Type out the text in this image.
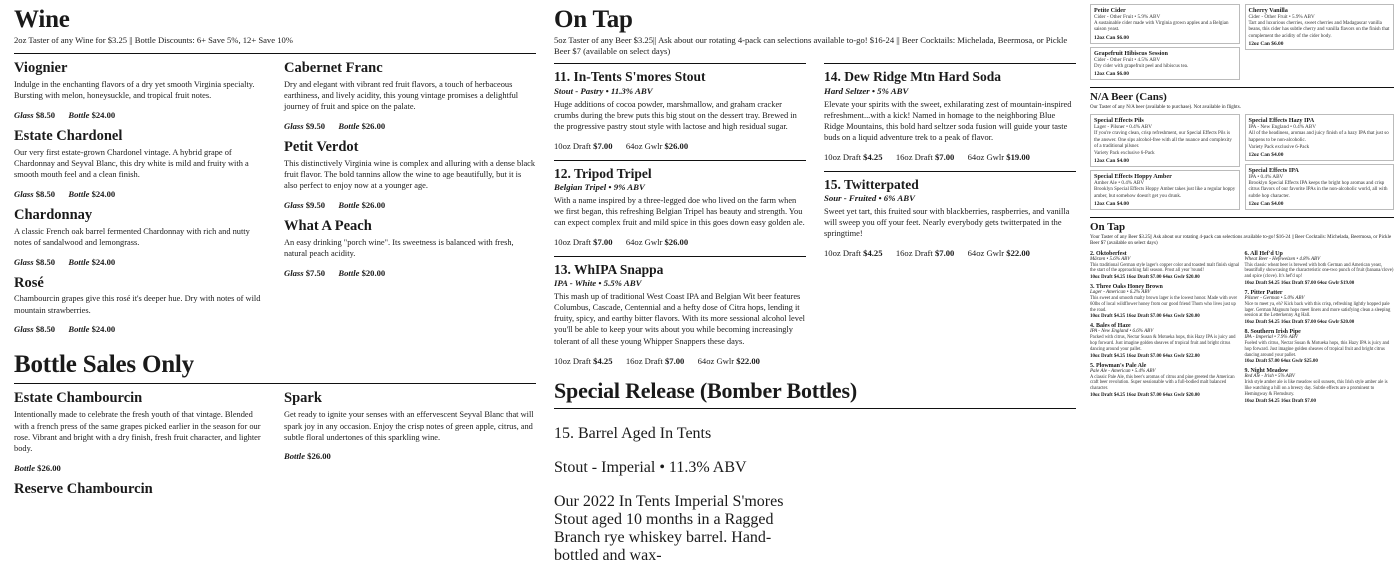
Wine

2oz Taster of any Wine for $3.25 || Bottle Discounts: 6+ Save 5%, 12+ Save 10%

Viognier

Indulge in the enchanting flavors of a dry yet smooth Virginia specialty. Bursting with melon, honeysuckle, and tropical fruit notes.

Glass $8.50 Bottle $24.00

Estate Chardonel

Our very first estate-grown Chardonel vintage. A hybrid grape of Chardonnay and Seyval Blanc, this dry white is mild and fruity with a smooth mouth feel and a clean finish.

Glass $8.50 Bottle $24.00

Chardonnay

A classic French oak barrel fermented Chardonnay with rich and nutty notes of sandalwood and lemongrass.

Glass $8.50 Bottle $24.00

Rosé

Chambourcin grapes give this rosé it's deeper hue. Dry with notes of wild mountain strawberries.

Glass $8.50 Bottle $24.00

Cabernet Franc

Dry and elegant with vibrant red fruit flavors, a touch of herbaceous earthiness, and lively acidity, this young vintage promises a delightful journey of fruit and spice on the palate.

Glass $9.50 Bottle $26.00

Petit Verdot

This distinctively Virginia wine is complex and alluring with a dense black fruit flavor. The bold tannins allow the wine to age beautifully, but it is also perfect to enjoy now at a younger age.

Glass $9.50 Bottle $26.00

What A Peach

An easy drinking "porch wine". Its sweetness is balanced with fresh, natural peach acidity.

Glass $7.50 Bottle $20.00

Bottle Sales Only

Estate Chambourcin

Intentionally made to celebrate the fresh youth of that vintage. Blended with a french press of the same grapes picked earlier in the season for our rose. Vibrant and bright with a dry finish, fresh fruit character, and lighter body.

Bottle $26.00

Reserve Chambourcin

Spark

Get ready to ignite your senses with an effervescent Seyval Blanc that will spark joy in any occasion. Enjoy the crisp notes of green apple, citrus, and subtle floral undertones of this sparkling wine.

Bottle $26.00

On Tap

5oz Taster of any Beer $3.25|| Ask about our rotating 4-pack can selections available to-go! $16-24 || Beer Cocktails: Michelada, Beermosa, or Pickle Beer $7 (available on select days)

11. In-Tents S'mores Stout

Stout - Pastry • 11.3% ABV

Huge additions of cocoa powder, marshmallow, and graham cracker crumbs during the brew puts this big stout on the dessert tray. Brewed in the progressive pastry stout style with lactose and high residual sugar.

10oz Draft $7.00 64oz Gwlr $26.00

12. Tripod Tripel

Belgian Tripel • 9% ABV

With a name inspired by a three-legged doe who lived on the farm when we first began, this refreshing Belgian Tripel has beauty and strength. You can expect complex fruit and mild spice in this goes down easy golden ale.

10oz Draft $7.00 64oz Gwlr $26.00

13. WhIPA Snappa

IPA - White • 5.5% ABV

This mash up of traditional West Coast IPA and Belgian Wit beer features Columbus, Cascade, Centennial and a hefty dose of Citra hops, lending it fruity, spicy, and earthy bitter flavors. With its more sessional alcohol level you'll be able to keep your wits about you while becoming increasingly tolerant of all these young Whipper Snappers these days.

10oz Draft $4.25 16oz Draft $7.00 64oz Gwlr $22.00

14. Dew Ridge Mtn Hard Soda

Hard Seltzer • 5% ABV

Elevate your spirits with the sweet, exhilarating zest of mountain-inspired refreshment...with a kick! Named in homage to the neighboring Blue Ridge Mountains, this bold hard seltzer soda fusion will guide your taste buds on a liquid adventure trek to a peak of flavor.

10oz Draft $4.25 16oz Draft $7.00 64oz Gwlr $19.00

15. Twitterpated

Sour - Fruited • 6% ABV

Sweet yet tart, this fruited sour with blackberries, raspberries, and vanilla will sweep you off your feet. Nearly everybody gets twitterpated in the springtime!

10oz Draft $4.25 16oz Draft $7.00 64oz Gwlr $22.00

Special Release (Bomber Bottles)

15. Barrel Aged In Tents

Stout - Imperial • 11.3% ABV

Our 2022 In Tents Imperial S'mores Stout aged 10 months in a Ragged Branch rye whiskey barrel. Hand-bottled and wax-

Petite Cider

Cider - Other Fruit • 5.9% ABV

A sustainable cider made with Virginia grown apples and a Belgian saison yeast.

12oz Can $6.00

Grapefruit Hibiscus Session

Cider - Other Fruit • 4.5% ABV

Dry cider with grapefruit peel and hibiscus tea.

12oz Can $6.00

Cherry Vanilla

Cider - Other Fruit • 5.9% ABV

Tart and luxurious cherries, sweet cherries and Madagascar vanilla beans, this cider has subtle cherry and vanilla flavors on the finish that complement the acidity of the cider body.

12oz Can $6.00

N/A Beer (Cans)

Our Taster of any N/A beer (available to purchase). Not available in flights.

Special Effects Pils

Lager - Pilsner • 0.4% ABV

If you're craving clean, crisp refreshment, our Special Effects Pils is the answer. One sips alcohol-free with all the nuance and complexity of a traditional pilsner.

Variety Pack exclusive 6-Pack

12oz Can $4.00

Special Effects Hoppy Amber

Amber Ale • 0.4% ABV

Brooklyn Special Effects Hoppy Amber takes just like a regular hoppy amber, but somehow doesn't get you drunk.

12oz Can $4.00

Special Effects Hazy IPA

IPA - New England • 0.4% ABV

All of the headiness, aromas and juicy finish of a hazy IPA that just so happens to be non-alcoholic.

Variety Pack exclusive 6-Pack

12oz Can $4.00

Special Effects IPA

IPA • 0.4% ABV

Brooklyn Special Effects IPA keeps the bright hop aromas and crisp citrus flavors of our favorite IPAs in the non-alcoholic world, all with subtle hop character.

12oz Can $4.00

On Tap

Your Taster of any Beer $3.25|| Ask about our rotating 4-pack can selections available to-go! $16-24 || Beer Cocktails: Michelada, Beermosa, or Pickle Beer $7 (available on select days)

2. Oktoberfest

Märzen • 5.6% ABV

This traditional German style lager's copper color and toasted malt finish signal the start of the approaching fall season. Prost all year 'round!

10oz Draft $4.25 16oz Draft $7.00 64oz Gwlr $20.00

3. Three Oaks Honey Brown

Lager - American • 6.2% ABV

This sweet and smooth malty brown lager is the lowest honor. Made with over 60lbs of local wildflower honey from our good friend Thom who lives just up the road.

10oz Draft $4.25 16oz Draft $7.00 64oz Gwlr $20.00

4. Bales of Haze

IPA - New England • 6.6% ABV

Packed with citrus, Nectar Susan & Motueka hops, this Hazy IPA is juicy and hop forward. Just imagine golden sheaves of tropical fruit and bright citrus dancing around your pallet.

10oz Draft $4.25 16oz Draft $7.00 64oz Gwlr $22.00

5. Plowman's Pale Ale

Pale Ale - American • 5.4% ABV

A classic Pale Ale, this beer's aromas of citrus and pine greeted the American craft beer revolution. Super sessionable with a full-bodied malt balanced character.

10oz Draft $4.25 16oz Draft $7.00 64oz Gwlr $20.00

6. All Hef'd Up

Wheat Beer - Hefeweizen • 4.8% ABV

This classic wheat beer is brewed with both German and American yeast, beautifully showcasing the characteristic one-two punch of fruit (banana/clove) and spice (clove). It's hef'd up!

10oz Draft $4.25 16oz Draft $7.00 64oz Gwlr $19.00

7. Pitter Patter

Pilsner - German • 5.0% ABV

Nice to meet ya, eh? Kick back with this crisp, refreshing lightly hopped pale lager. German Magnum hops meet liners and more satisfying clean a sleeping session at the Letterkenny Ag Hall.

10oz Draft $4.25 16oz Draft $7.00 64oz Gwlr $20.00

8. Southern Irish Pipe

IPA - Imperial • 7.9% ABV

Fueled with citrus, Nectar Susan & Motueka hops, this Hazy IPA is juicy and hop forward. Just imagine golden sheaves of tropical fruit and bright citrus dancing around your pallet.

10oz Draft $7.00 64oz Gwlr $25.00

9. Night Meadow

Red Ale - Irish • 5% ABV

Irish style amber ale is like meadow soil sunsets, this Irish style amber ale is like watching a hill on a breezy day. Subtle effects are a prominent to Hemingway & Flemsbury.

10oz Draft $4.25 16oz Draft $7.00
